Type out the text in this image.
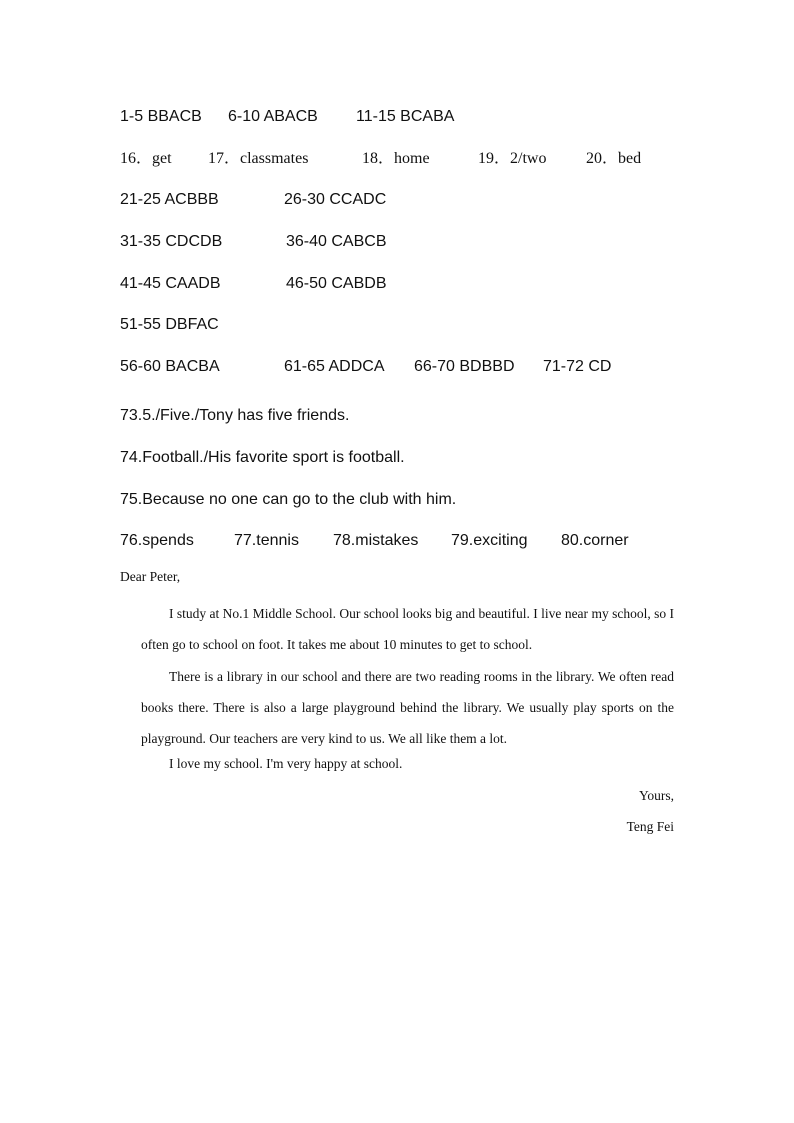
1-5 BBACB

6-10 ABACB

11-15 BCABA

16．get

17．classmates

	18．home

	19．2/two

20．bed

21-25 ACBBB

	26-30 CCADC

31-35 CDCDB

	36-40 CABCB

41-45 CAADB

	46-50 CABDB

51-55 DBFAC

56-60 BACBA

	61-65 ADDCA

66-70 BDBBD

71-72 CD

73.5./Five./Tony has five friends.
74.Football./His favorite sport is football.
75.Because no one can go to the club with him.

76.spends

	77.tennis

78.mistakes

79.exciting

80.corner

Dear Peter,
I study at No.1 Middle School. Our school looks big and beautiful. I live near my school, so I often go to school on foot. It takes me about 10 minutes to get to school.
There is a library in our school and there are two reading rooms in the library. We often read books there. There is also a large playground behind the library. We usually play sports on the playground. Our teachers are very kind to us. We all like them a lot.
I love my school. I'm very happy at school.
Yours,
Teng Fei
